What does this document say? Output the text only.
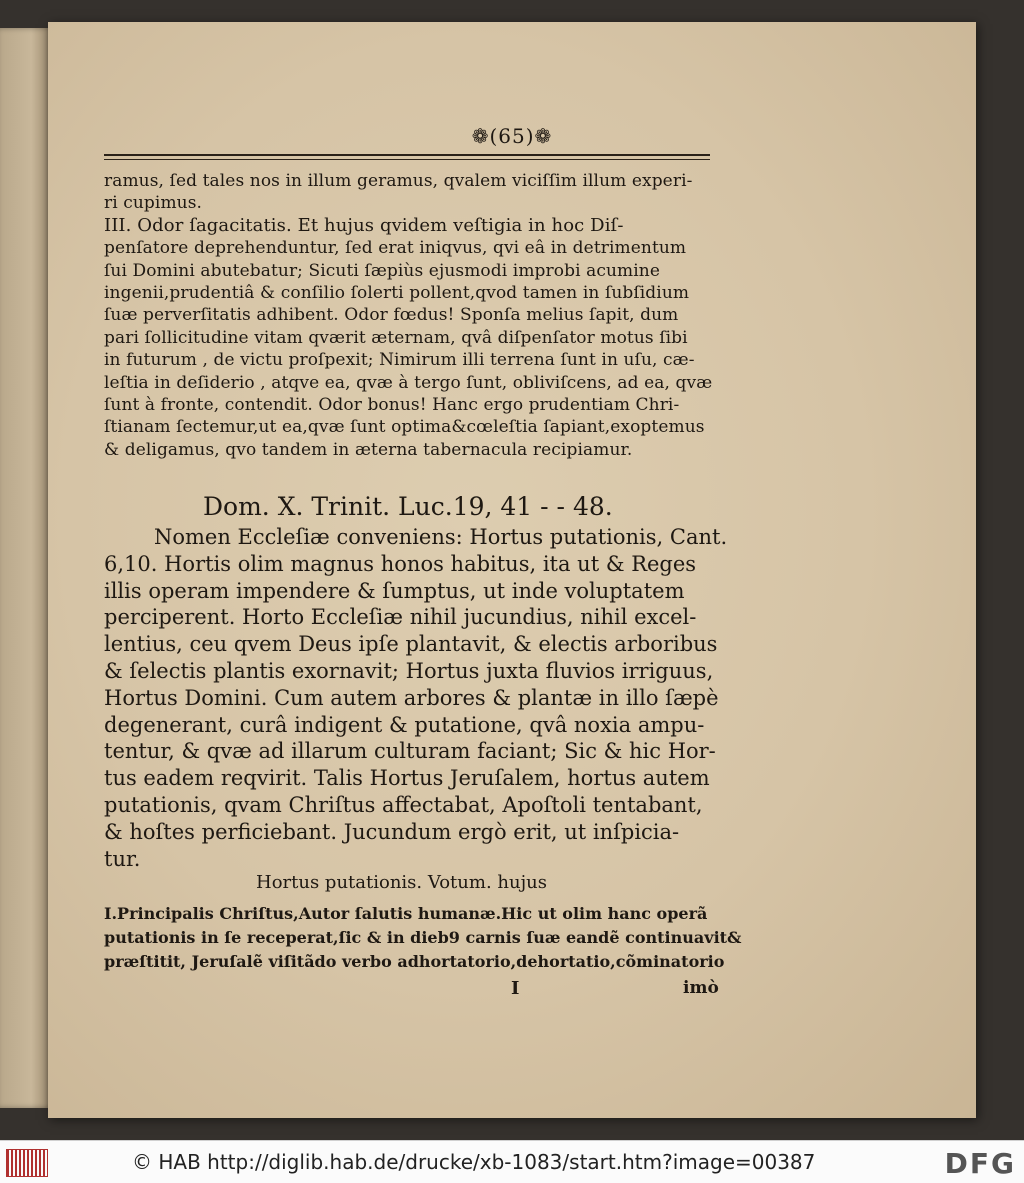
❁(65)❁

ramus, ſed tales nos in illum geramus, qvalem viciſſim illum experi-

ri cupimus.

III. Odor ſagacitatis. Et hujus qvidem veſtigia in hoc Diſ-

penſatore deprehenduntur, ſed erat iniqvus, qvi eâ in detrimentum

ſui Domini abutebatur; Sicuti ſæpiùs ejusmodi improbi acumine

ingenii,prudentiâ & conſilio ſolerti pollent,qvod tamen in ſubſidium

ſuæ perverſitatis adhibent. Odor fœdus! Sponſa melius ſapit, dum

pari ſollicitudine vitam qværit æternam, qvâ diſpenſator motus ſibi

in futurum , de victu proſpexit; Nimirum illi terrena ſunt in uſu, cæ-

leſtia in deſiderio , atqve ea, qvæ à tergo ſunt, obliviſcens, ad ea, qvæ

ſunt à fronte, contendit. Odor bonus! Hanc ergo prudentiam Chri-

ſtianam ſectemur,ut ea,qvæ ſunt optima&cœleſtia ſapiant,exoptemus

& deligamus, qvo tandem in æterna tabernacula recipiamur.

Dom. X. Trinit. Luc.19, 41 - - 48.

Nomen Eccleſiæ conveniens: Hortus putationis, Cant.

6,10. Hortis olim magnus honos habitus, ita ut & Reges

illis operam impendere & ſumptus, ut inde voluptatem

perciperent. Horto Eccleſiæ nihil jucundius, nihil excel-

lentius, ceu qvem Deus ipſe plantavit, & electis arboribus

& ſelectis plantis exornavit; Hortus juxta fluvios irriguus,

Hortus Domini. Cum autem arbores & plantæ in illo ſæpè

degenerant, curâ indigent & putatione, qvâ noxia ampu-

tentur, & qvæ ad illarum culturam faciant; Sic & hic Hor-

tus eadem reqvirit. Talis Hortus Jeruſalem, hortus autem

putationis, qvam Chriſtus affectabat, Apoſtoli tentabant,

& hoſtes perficiebant. Jucundum ergò erit, ut inſpicia-

tur.

Hortus putationis. Votum. hujus

I.Principalis Chriſtus,Autor ſalutis humanæ.Hic ut olim hanc operã

putationis in ſe receperat,ſic & in dieb9 carnis ſuæ eandẽ continuavit&

præſtitit, Jeruſalẽ viſitãdo verbo adhortatorio,dehortatio,cõminatorio

I	imò
© HAB http://diglib.hab.de/drucke/xb-1083/start.htm?image=00387	DFG
